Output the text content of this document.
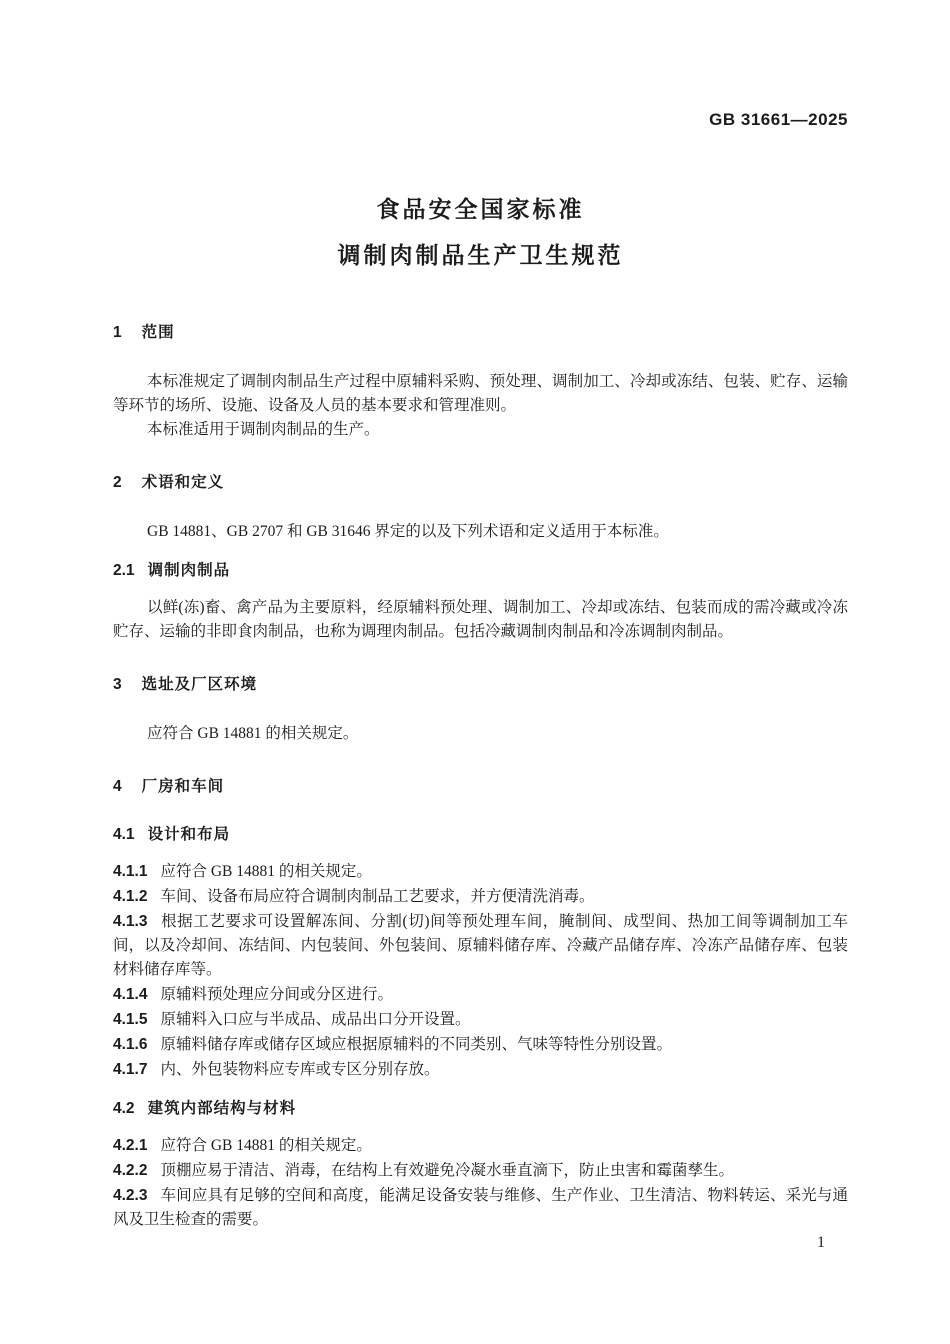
GB 31661—2025
食品安全国家标准
调制肉制品生产卫生规范
1 范围

本标准规定了调制肉制品生产过程中原辅料采购、预处理、调制加工、冷却或冻结、包装、贮存、运输等环节的场所、设施、设备及人员的基本要求和管理准则。

本标准适用于调制肉制品的生产。

2 术语和定义

GB 14881、GB 2707 和 GB 31646 界定的以及下列术语和定义适用于本标准。

2.1 调制肉制品

以鲜(冻)畜、禽产品为主要原料，经原辅料预处理、调制加工、冷却或冻结、包装而成的需冷藏或冷冻贮存、运输的非即食肉制品，也称为调理肉制品。包括冷藏调制肉制品和冷冻调制肉制品。

3 选址及厂区环境

应符合 GB 14881 的相关规定。

4 厂房和车间
4.1 设计和布局

4.1.1 应符合 GB 14881 的相关规定。

4.1.2 车间、设备布局应符合调制肉制品工艺要求，并方便清洗消毒。

4.1.3 根据工艺要求可设置解冻间、分割(切)间等预处理车间，腌制间、成型间、热加工间等调制加工车间，以及冷却间、冻结间、内包装间、外包装间、原辅料储存库、冷藏产品储存库、冷冻产品储存库、包装材料储存库等。

4.1.4 原辅料预处理应分间或分区进行。

4.1.5 原辅料入口应与半成品、成品出口分开设置。

4.1.6 原辅料储存库或储存区域应根据原辅料的不同类别、气味等特性分别设置。

4.1.7 内、外包装物料应专库或专区分别存放。

4.2 建筑内部结构与材料

4.2.1 应符合 GB 14881 的相关规定。

4.2.2 顶棚应易于清洁、消毒，在结构上有效避免冷凝水垂直滴下，防止虫害和霉菌孳生。

4.2.3 车间应具有足够的空间和高度，能满足设备安装与维修、生产作业、卫生清洁、物料转运、采光与通风及卫生检查的需要。

1
